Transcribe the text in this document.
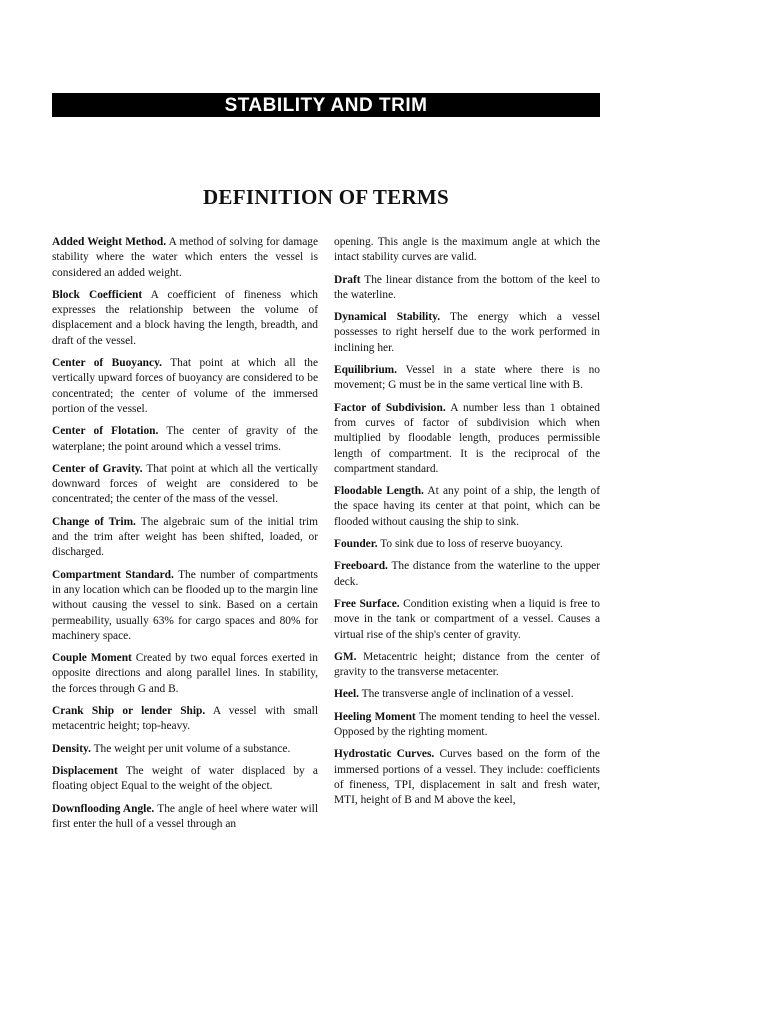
STABILITY AND TRIM
DEFINITION OF TERMS

Added Weight Method. A method of solving for damage stability where the water which enters the vessel is considered an added weight.

Block Coefficient A coefficient of fineness which expresses the relationship between the volume of displacement and a block having the length, breadth, and draft of the vessel.

Center of Buoyancy. That point at which all the vertically upward forces of buoyancy are considered to be concentrated; the center of volume of the immersed portion of the vessel.

Center of Flotation. The center of gravity of the waterplane; the point around which a vessel trims.

Center of Gravity. That point at which all the vertically downward forces of weight are considered to be concentrated; the center of the mass of the vessel.

Change of Trim. The algebraic sum of the initial trim and the trim after weight has been shifted, loaded, or discharged.

Compartment Standard. The number of compartments in any location which can be flooded up to the margin line without causing the vessel to sink. Based on a certain permeability, usually 63% for cargo spaces and 80% for machinery space.

Couple Moment Created by two equal forces exerted in opposite directions and along parallel lines. In stability, the forces through G and B.

Crank Ship or lender Ship. A vessel with small metacentric height; top-heavy.

Density. The weight per unit volume of a substance.

Displacement The weight of water displaced by a floating object Equal to the weight of the object.

Downflooding Angle. The angle of heel where water will first enter the hull of a vessel through an

opening. This angle is the maximum angle at which the intact stability curves are valid.

Draft The linear distance from the bottom of the keel to the waterline.

Dynamical Stability. The energy which a vessel possesses to right herself due to the work performed in inclining her.

Equilibrium. Vessel in a state where there is no movement; G must be in the same vertical line with B.

Factor of Subdivision. A number less than 1 obtained from curves of factor of subdivision which when multiplied by floodable length, produces permissible length of compartment. It is the reciprocal of the compartment standard.

Floodable Length. At any point of a ship, the length of the space having its center at that point, which can be flooded without causing the ship to sink.

Founder. To sink due to loss of reserve buoyancy.

Freeboard. The distance from the waterline to the upper deck.

Free Surface. Condition existing when a liquid is free to move in the tank or compartment of a vessel. Causes a virtual rise of the ship's center of gravity.

GM. Metacentric height; distance from the center of gravity to the transverse metacenter.

Heel. The transverse angle of inclination of a vessel.

Heeling Moment The moment tending to heel the vessel. Opposed by the righting moment.

Hydrostatic Curves. Curves based on the form of the immersed portions of a vessel. They include: coefficients of fineness, TPI, displacement in salt and fresh water, MTI, height of B and M above the keel,
